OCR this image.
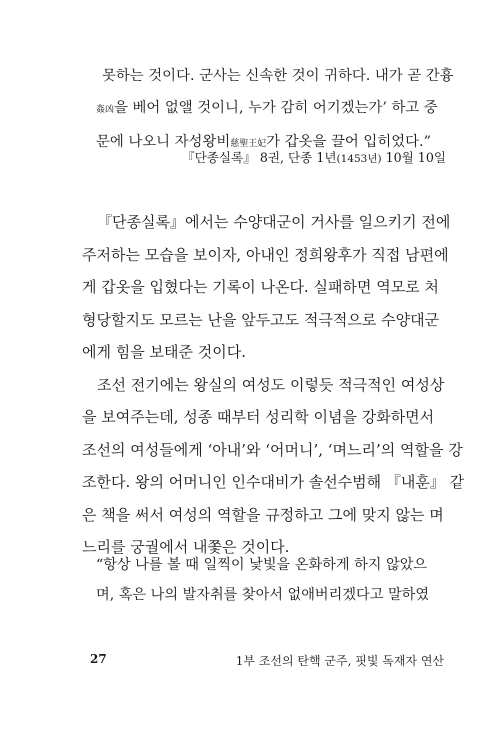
못하는 것이다. 군사는 신속한 것이 귀하다. 내가 곧 간흉
姦凶을 베어 없앨 것이니, 누가 감히 어기겠는가’ 하고 중
문에 나오니 자성왕비慈聖王妃가 갑옷을 끌어 입히었다.”
『단종실록』 8권, 단종 1년(1453년) 10월 10일
『단종실록』에서는 수양대군이 거사를 일으키기 전에
주저하는 모습을 보이자, 아내인 정희왕후가 직접 남편에
게 갑옷을 입혔다는 기록이 나온다. 실패하면 역모로 처
형당할지도 모르는 난을 앞두고도 적극적으로 수양대군
에게 힘을 보태준 것이다.
조선 전기에는 왕실의 여성도 이렇듯 적극적인 여성상
을 보여주는데, 성종 때부터 성리학 이념을 강화하면서
조선의 여성들에게 ‘아내’와 ‘어머니’, ‘며느리’의 역할을 강
조한다. 왕의 어머니인 인수대비가 솔선수범해 『내훈』 같
은 책을 써서 여성의 역할을 규정하고 그에 맞지 않는 며
느리를 궁궐에서 내쫓은 것이다.
“항상 나를 볼 때 일찍이 낯빛을 온화하게 하지 않았으
며, 혹은 나의 발자취를 찾아서 없애버리겠다고 말하였
27	1부 조선의 탄핵 군주, 핏빛 독재자 연산
